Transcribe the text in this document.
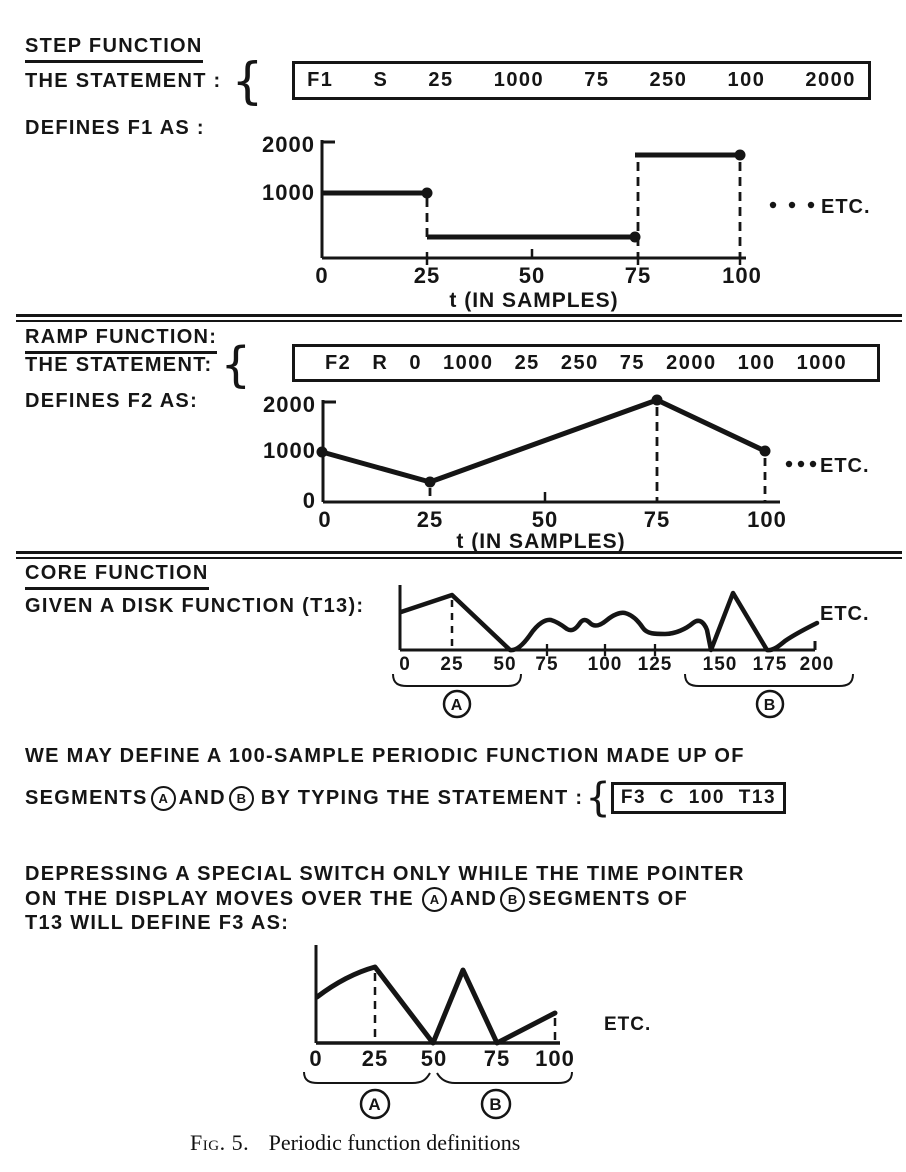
STEP FUNCTION
THE STATEMENT : { F1 S 25 1000 75 250 100 2000
DEFINES F1 AS :
2000
1000
0	25	50	75	100
t (IN SAMPLES)
ETC.
RAMP FUNCTION:
THE STATEMENT: {	F2 R 0 1000 25 250 75 2000 100 1000
DEFINES F2 AS:	2000
1000
0
0	25	50	75	100
t (IN SAMPLES)
ETC.
CORE FUNCTION
GIVEN A DISK FUNCTION (T13):
0 25 50 75 100 125 150 175 200
A	B
ETC.
WE MAY DEFINE A 100-SAMPLE PERIODIC FUNCTION MADE UP OF
SEGMENTS A AND B BY TYPING THE STATEMENT : { F3 C 100 T13
DEPRESSING A SPECIAL SWITCH ONLY WHILE THE TIME POINTER
ON THE DISPLAY MOVES OVER THE	A AND B SEGMENTS OF
T13 WILL DEFINE F3 AS:
0 25 50 75 100
A	B
ETC.
Fig. 5. Periodic function definitions
